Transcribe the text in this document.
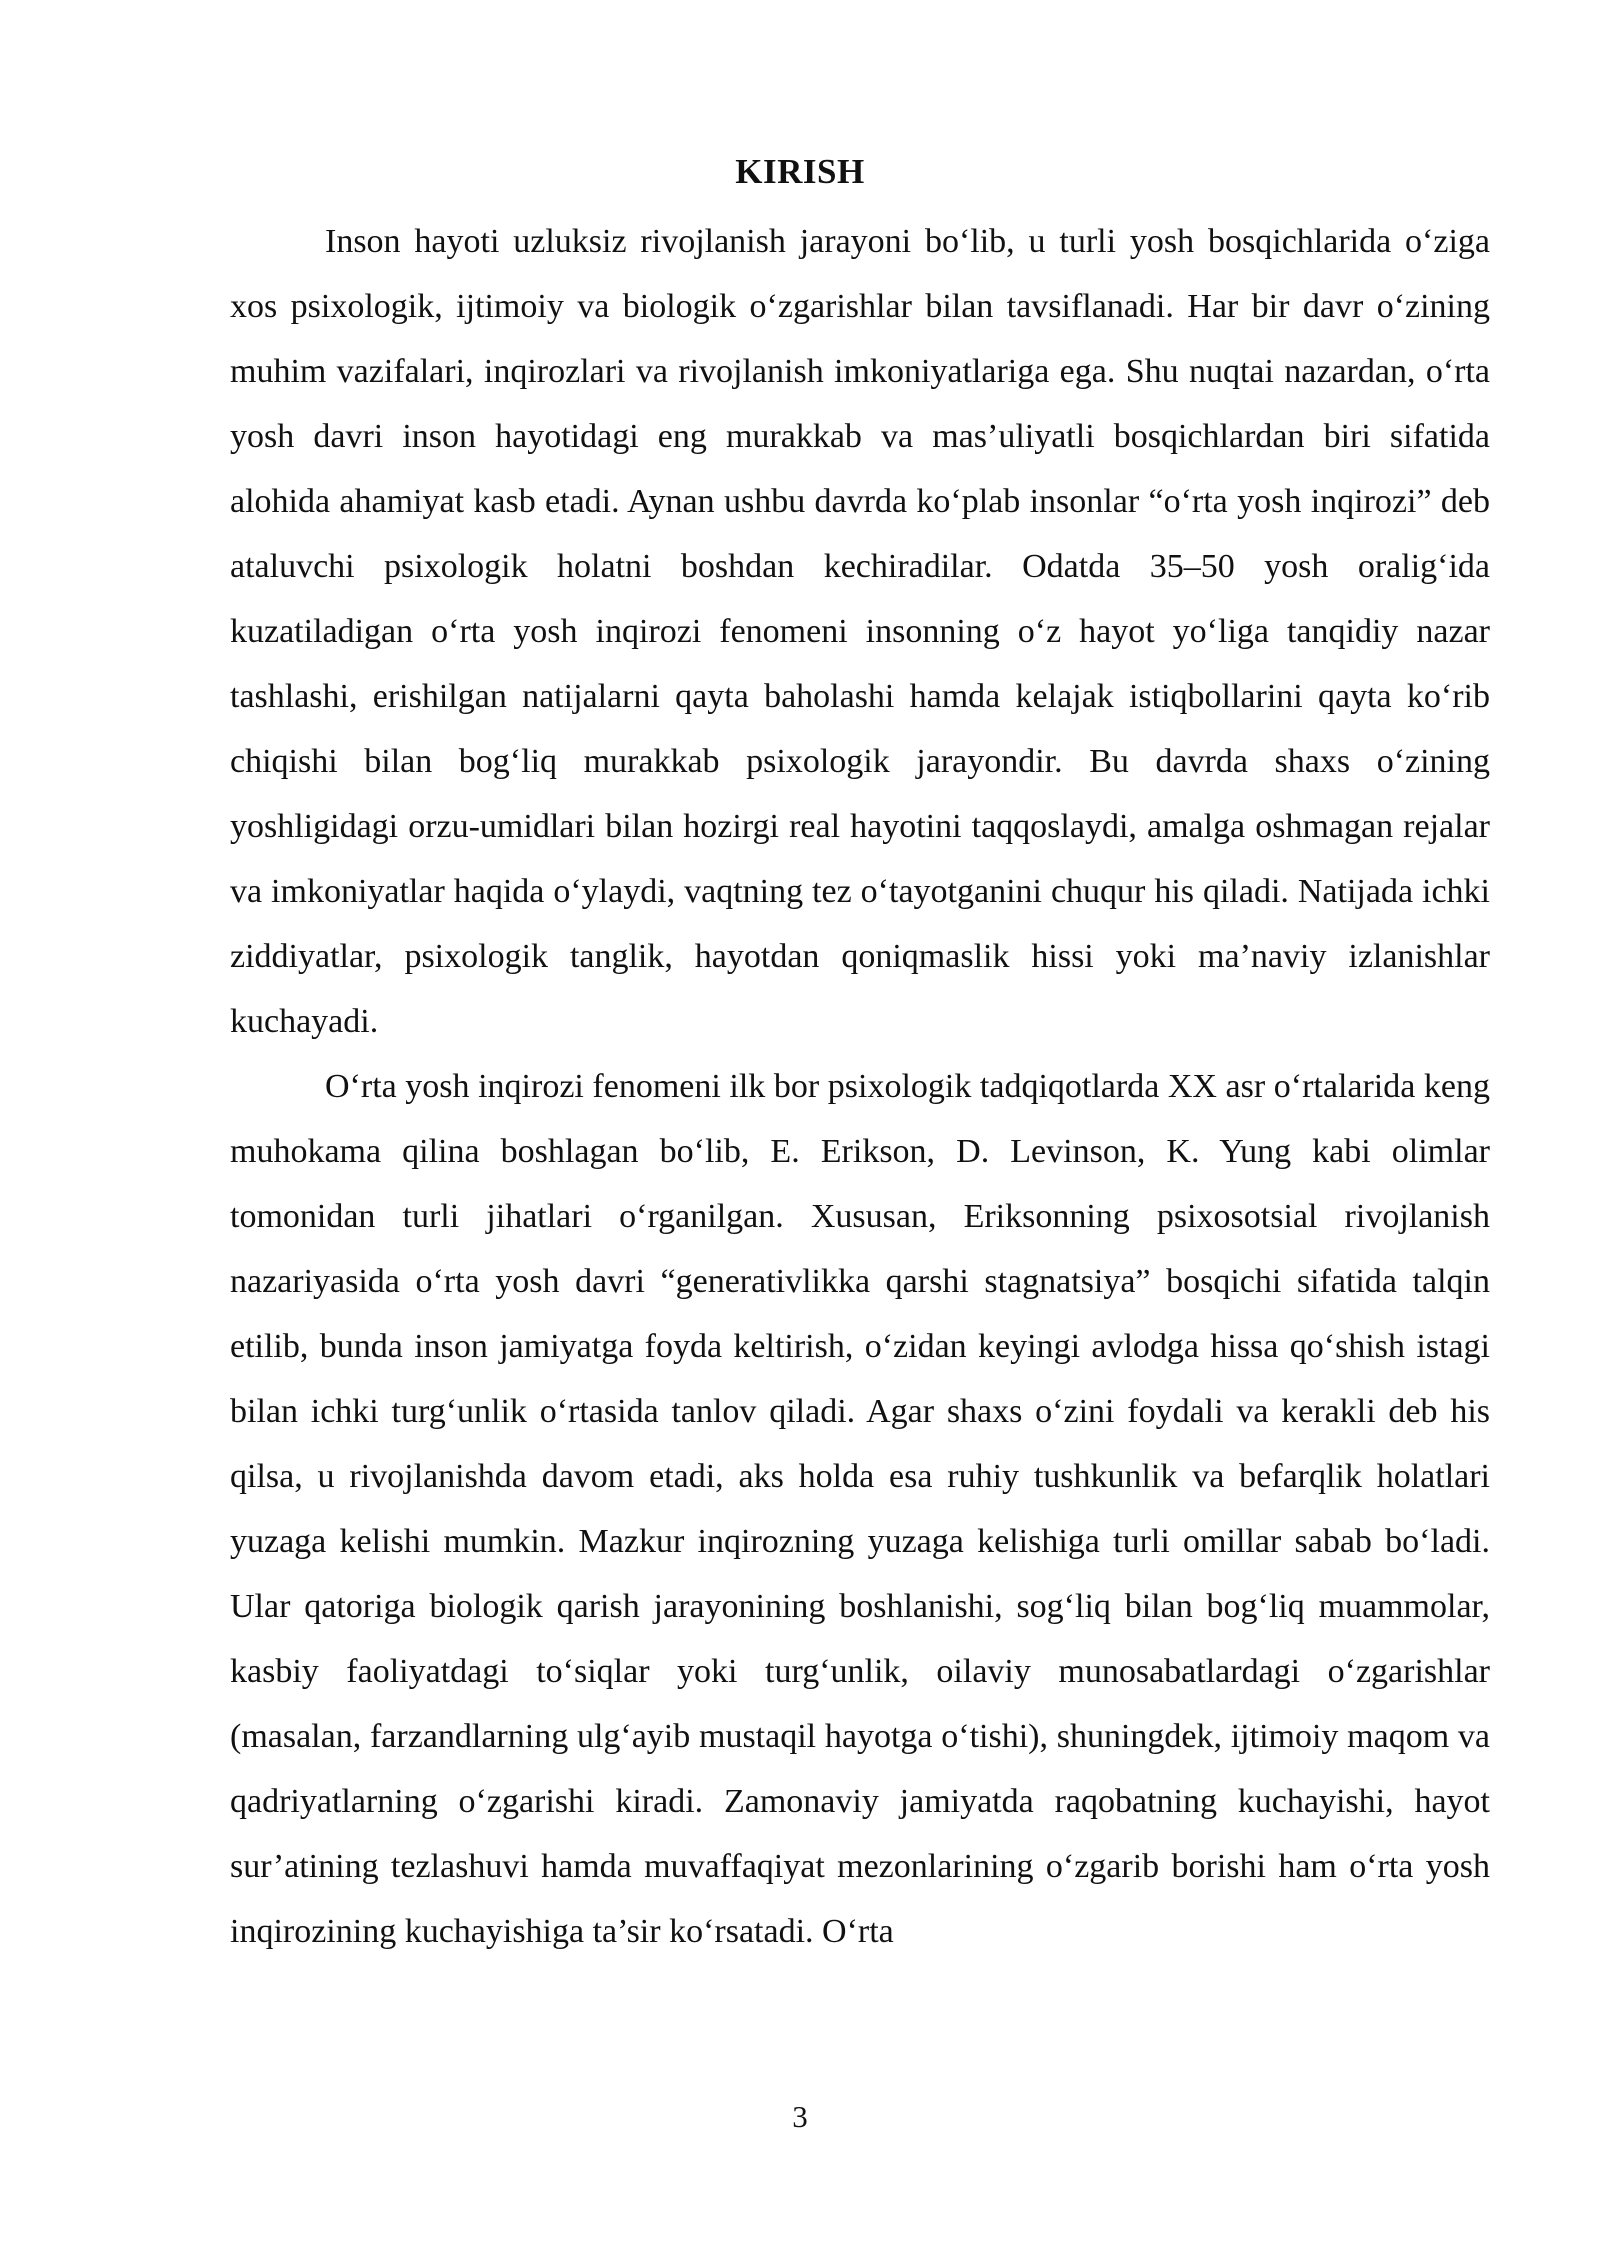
KIRISH

Inson hayoti uzluksiz rivojlanish jarayoni bo‘lib, u turli yosh bosqichlarida o‘ziga xos psixologik, ijtimoiy va biologik o‘zgarishlar bilan tavsiflanadi. Har bir davr o‘zining muhim vazifalari, inqirozlari va rivojlanish imkoniyatlariga ega. Shu nuqtai nazardan, o‘rta yosh davri inson hayotidagi eng murakkab va mas’uliyatli bosqichlardan biri sifatida alohida ahamiyat kasb etadi. Aynan ushbu davrda ko‘plab insonlar “o‘rta yosh inqirozi” deb ataluvchi psixologik holatni boshdan kechiradilar. Odatda 35–50 yosh oralig‘ida kuzatiladigan o‘rta yosh inqirozi fenomeni insonning o‘z hayot yo‘liga tanqidiy nazar tashlashi, erishilgan natijalarni qayta baholashi hamda kelajak istiqbollarini qayta ko‘rib chiqishi bilan bog‘liq murakkab psixologik jarayondir. Bu davrda shaxs o‘zining yoshligidagi orzu-umidlari bilan hozirgi real hayotini taqqoslaydi, amalga oshmagan rejalar va imkoniyatlar haqida o‘ylaydi, vaqtning tez o‘tayotganini chuqur his qiladi. Natijada ichki ziddiyatlar, psixologik tanglik, hayotdan qoniqmaslik hissi yoki ma’naviy izlanishlar kuchayadi.

O‘rta yosh inqirozi fenomeni ilk bor psixologik tadqiqotlarda XX asr o‘rtalarida keng muhokama qilina boshlagan bo‘lib, E. Erikson, D. Levinson, K. Yung kabi olimlar tomonidan turli jihatlari o‘rganilgan. Xususan, Eriksonning psixosotsial rivojlanish nazariyasida o‘rta yosh davri “generativlikka qarshi stagnatsiya” bosqichi sifatida talqin etilib, bunda inson jamiyatga foyda keltirish, o‘zidan keyingi avlodga hissa qo‘shish istagi bilan ichki turg‘unlik o‘rtasida tanlov qiladi. Agar shaxs o‘zini foydali va kerakli deb his qilsa, u rivojlanishda davom etadi, aks holda esa ruhiy tushkunlik va befarqlik holatlari yuzaga kelishi mumkin. Mazkur inqirozning yuzaga kelishiga turli omillar sabab bo‘ladi. Ular qatoriga biologik qarish jarayonining boshlanishi, sog‘liq bilan bog‘liq muammolar, kasbiy faoliyatdagi to‘siqlar yoki turg‘unlik, oilaviy munosabatlardagi o‘zgarishlar (masalan, farzandlarning ulg‘ayib mustaqil hayotga o‘tishi), shuningdek, ijtimoiy maqom va qadriyatlarning o‘zgarishi kiradi. Zamonaviy jamiyatda raqobatning kuchayishi, hayot sur’atining tezlashuvi hamda muvaffaqiyat mezonlarining o‘zgarib borishi ham o‘rta yosh inqirozining kuchayishiga ta’sir ko‘rsatadi. O‘rta

3
